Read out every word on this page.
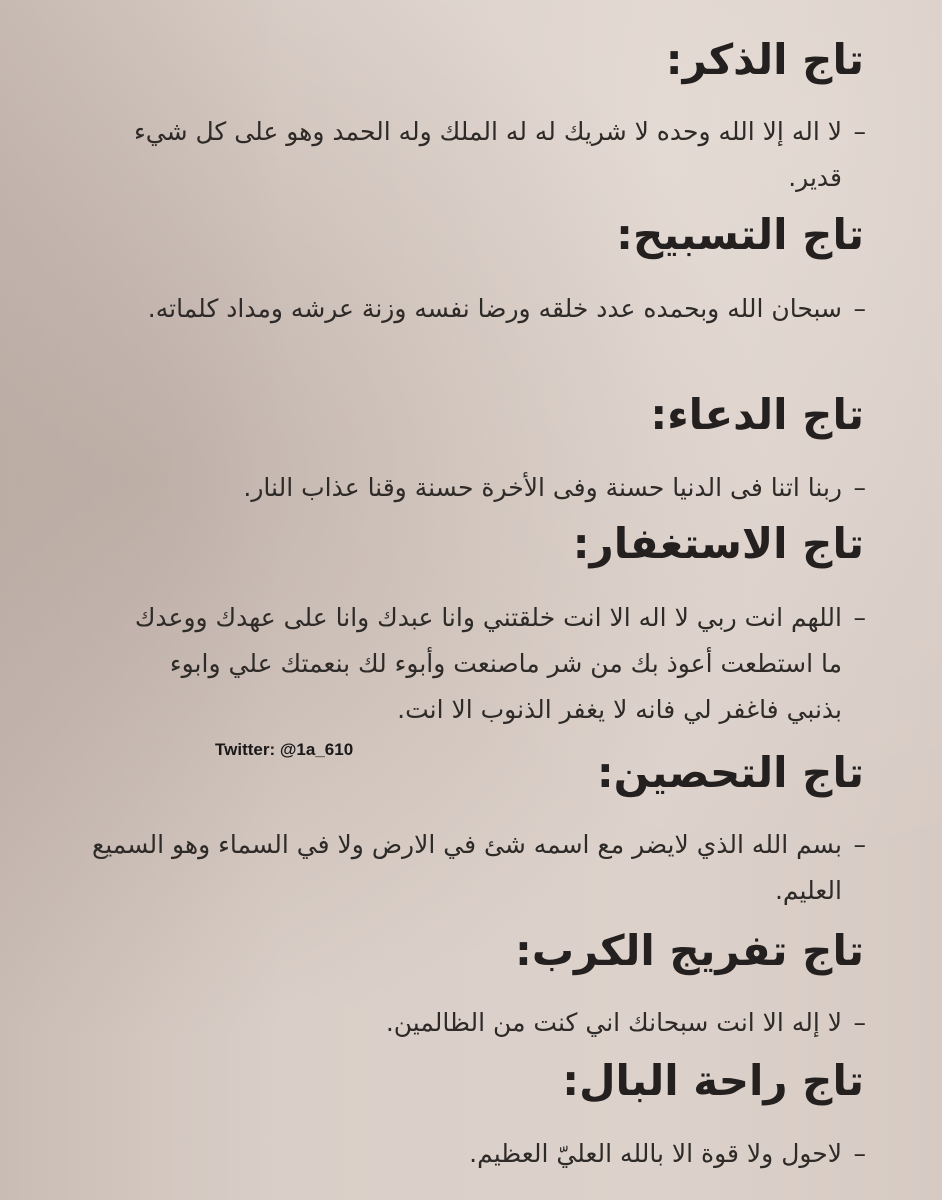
تاج الذكر:
–

لا اله إلا الله وحده لا شريك له له الملك وله الحمد وهو على كل شيء قدير.

تاج التسبيح:
–

سبحان الله وبحمده عدد خلقه ورضا نفسه وزنة عرشه ومداد كلماته.

تاج الدعاء:
–

ربنا اتنا فى الدنيا حسنة وفى الأخرة حسنة وقنا عذاب النار.

تاج الاستغفار:
–

اللهم انت ربي لا اله الا انت خلقتني وانا عبدك وانا على عهدك ووعدك ما استطعت أعوذ بك من شر ماصنعت وأبوء لك بنعمتك علي وابوء بذنبي فاغفر لي فانه لا يغفر الذنوب الا انت.

تاج التحصين:
–

بسم الله الذي لايضر مع اسمه شئ في الارض ولا في السماء وهو السميع العليم.

تاج تفريج الكرب:
–

لا إله الا انت سبحانك اني كنت من الظالمين.

تاج راحة البال:
–

لاحول ولا قوة الا بالله العليّ العظيم.

Twitter: @1a_610
